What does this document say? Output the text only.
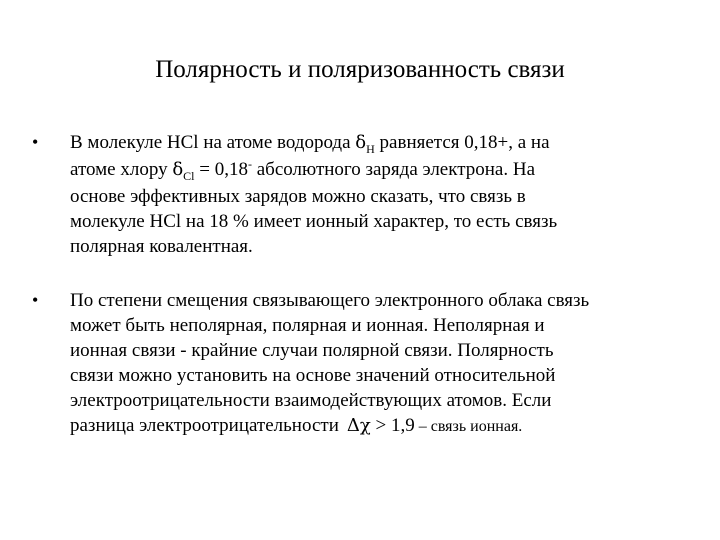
Полярность и поляризованность связи
•	В молекуле HCl на атоме водорода $\delta_H$ равняется 0,18+, а на
атоме хлору $\delta_{Cl} = 0,18^-$ абсолютного заряда электрона. На
основе эффективных зарядов можно сказать, что связь в
молекуле HCl на 18 % имеет ионный характер, то есть связь
полярная ковалентная.
•	По степени смещения связывающего электронного облака связь
может быть неполярная, полярная и ионная. Неполярная и
ионная связи - крайние случаи полярной связи. Полярность
связи можно установить на основе значений относительной
электроотрицательности взаимодействующих атомов. Если
разница электроотрицательности Δχ > 1,9 – связь ионная.
